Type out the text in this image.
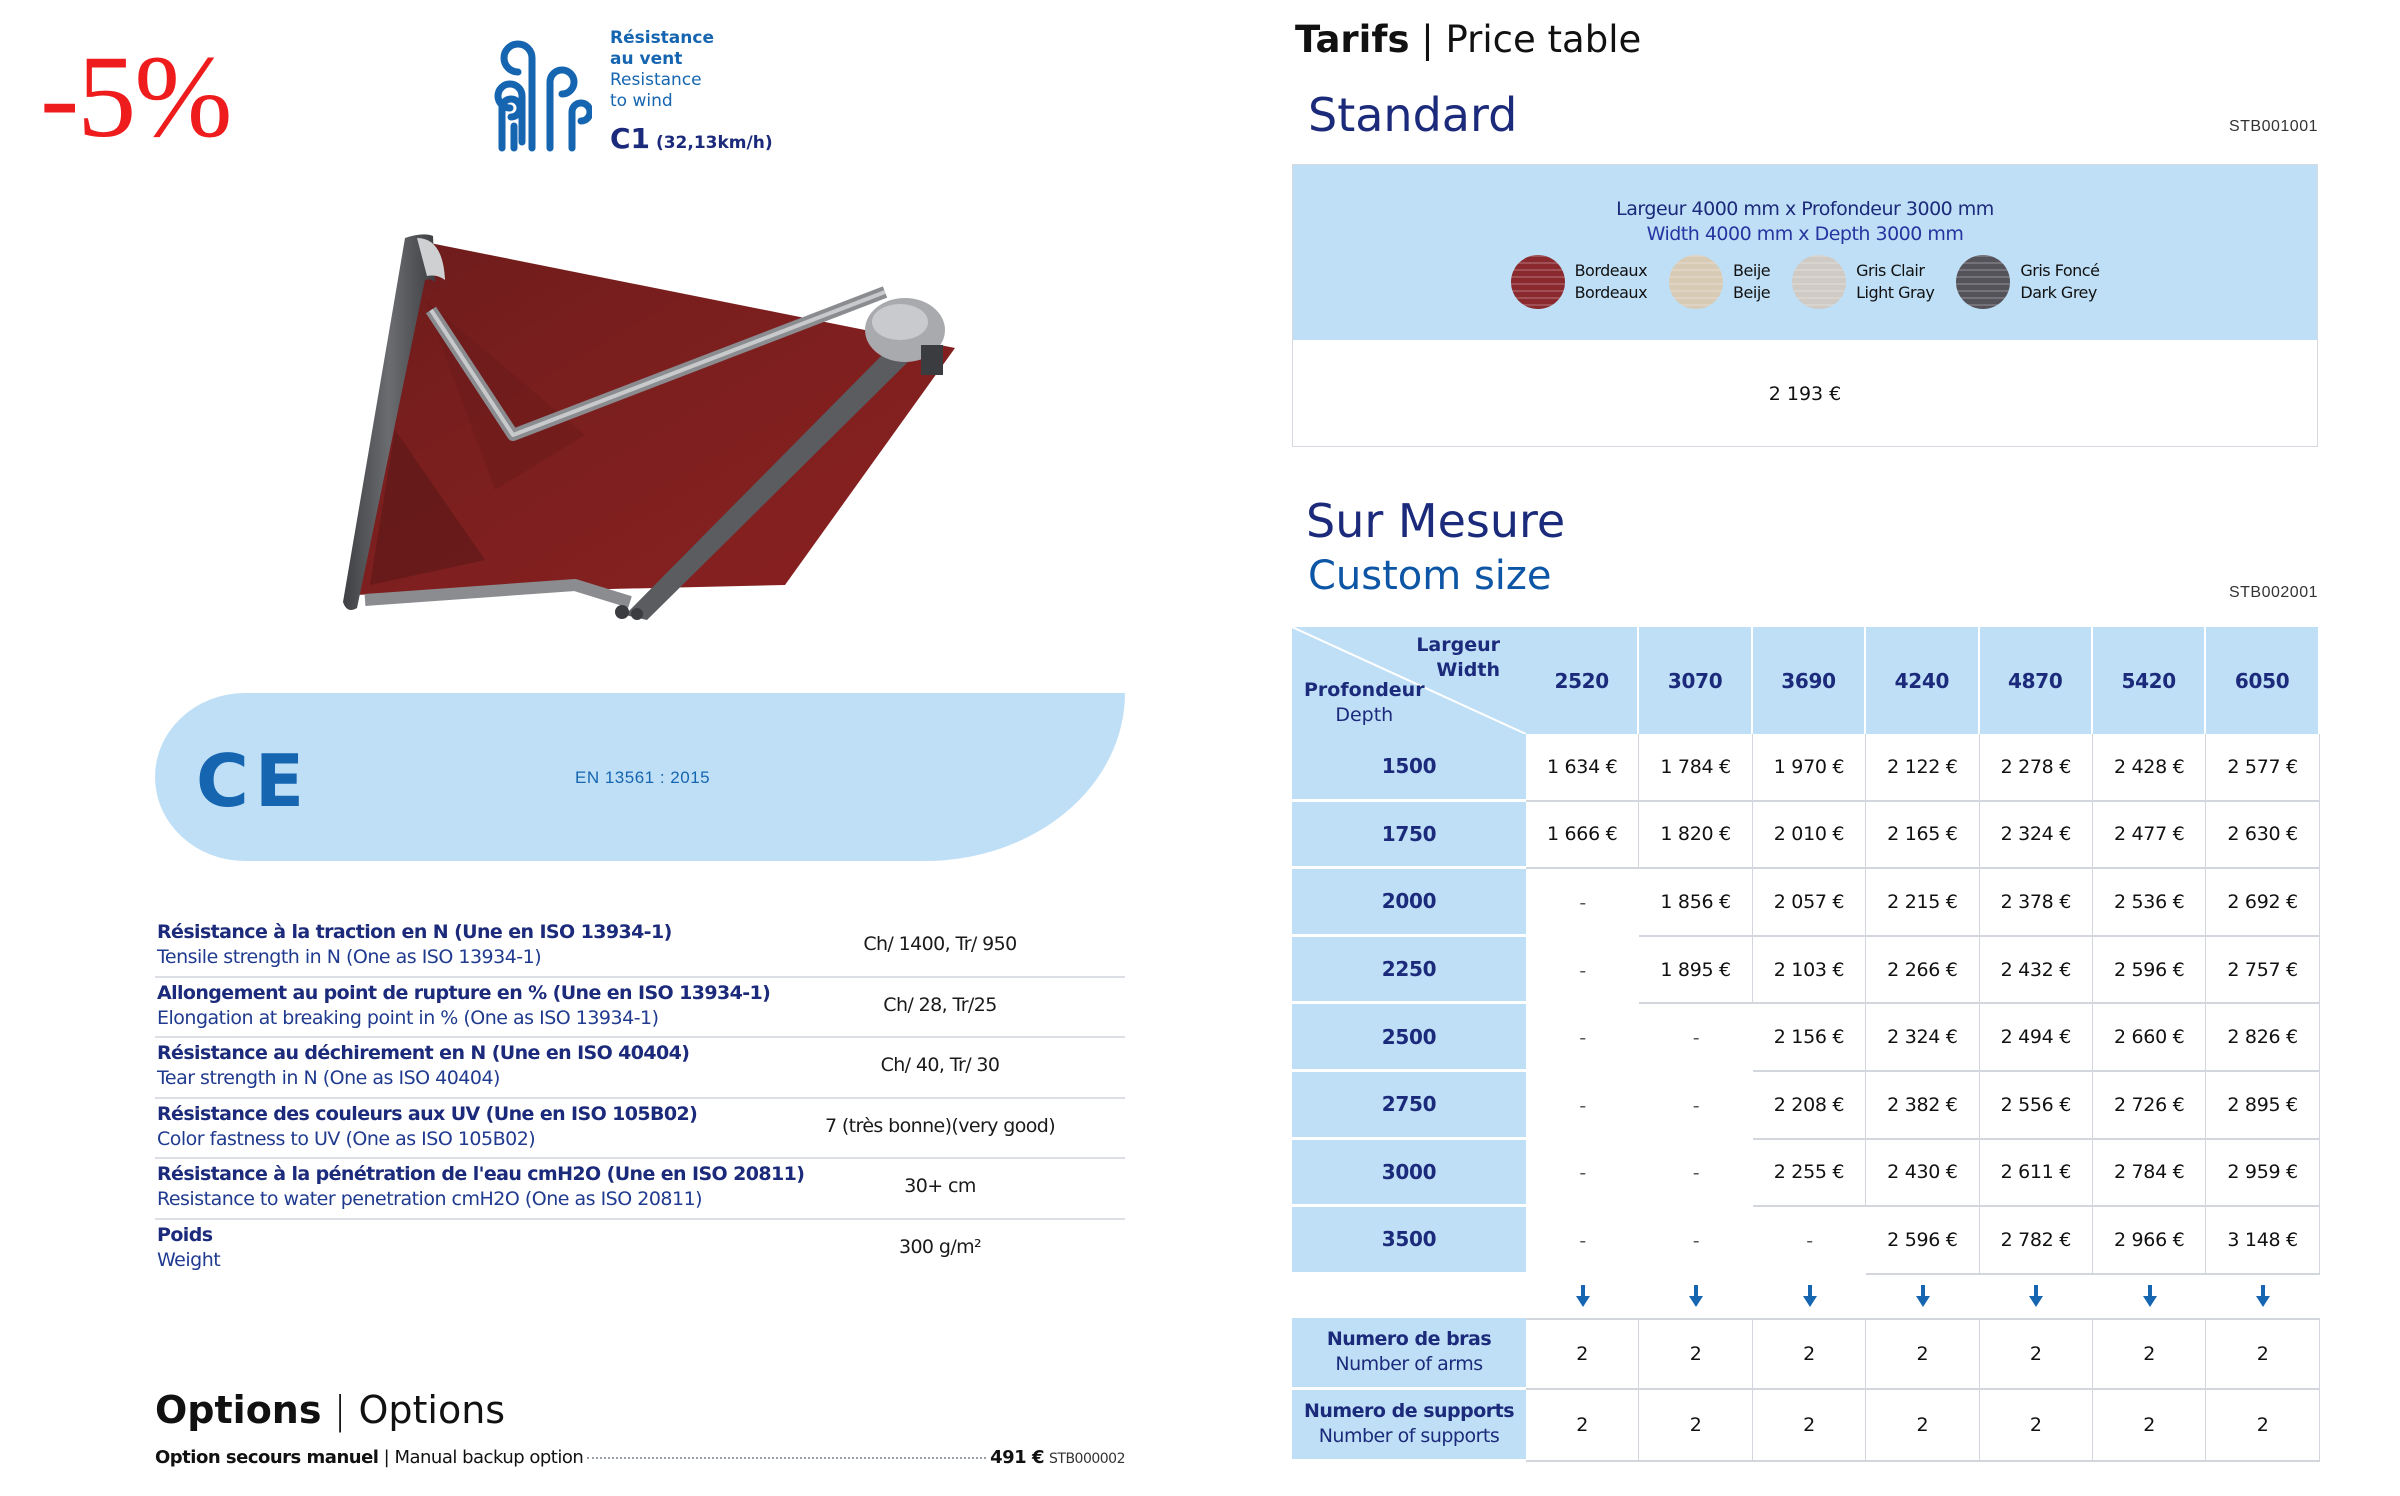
-5%	Résistance
au vent
Resistance
to wind
C1 (32,13km/h)
CE	EN 13561 : 2015
Résistance à la traction en N (Une en ISO 13934-1)
Tensile strength in N (One as ISO 13934-1)
Ch/ 1400, Tr/ 950
Allongement au point de rupture en % (Une en ISO 13934-1)
Elongation at breaking point in % (One as ISO 13934-1)
Ch/ 28, Tr/25
Résistance au déchirement en N (Une en ISO 40404)
Tear strength in N (One as ISO 40404)
Ch/ 40, Tr/ 30
Résistance des couleurs aux UV (Une en ISO 105B02)
Color fastness to UV (One as ISO 105B02)
7 (très bonne)(very good)
Résistance à la pénétration de l'eau cmH2O (Une en ISO 20811)
Resistance to water penetration cmH2O (One as ISO 20811)
30+ cm
Poids
Weight
300 g/m²
Options | Options
Option secours manuel | Manual backup option	491 € STB000002
Tarifs | Price table
Standard	STB001001
Largeur 4000 mm x Profondeur 3000 mm
Width 4000 mm x Depth 3000 mm
Bordeaux
Bordeaux
Beije
Beije
Gris Clair
Light Gray
Gris Foncé
Dark Grey
2 193 €
Sur Mesure
Custom size	STB002001
Largeur
Width
Profondeur
Depth
2520	3070	3690	4240	4870	5420	6050
1500	1 634 €	1 784 €	1 970 €	2 122 €	2 278 €	2 428 €	2 577 €
1750	1 666 €	1 820 €	2 010 €	2 165 €	2 324 €	2 477 €	2 630 €
2000	-	1 856 €	2 057 €	2 215 €	2 378 €	2 536 €	2 692 €
2250	-	1 895 €	2 103 €	2 266 €	2 432 €	2 596 €	2 757 €
2500	-	-	2 156 €	2 324 €	2 494 €	2 660 €	2 826 €
2750	-	-	2 208 €	2 382 €	2 556 €	2 726 €	2 895 €
3000	-	-	2 255 €	2 430 €	2 611 €	2 784 €	2 959 €
3500	-	-	-	2 596 €	2 782 €	2 966 €	3 148 €
Numero de bras
Number of arms	2	2	2	2	2	2	2
Numero de supports
Number of supports
2	2	2	2	2	2	2
